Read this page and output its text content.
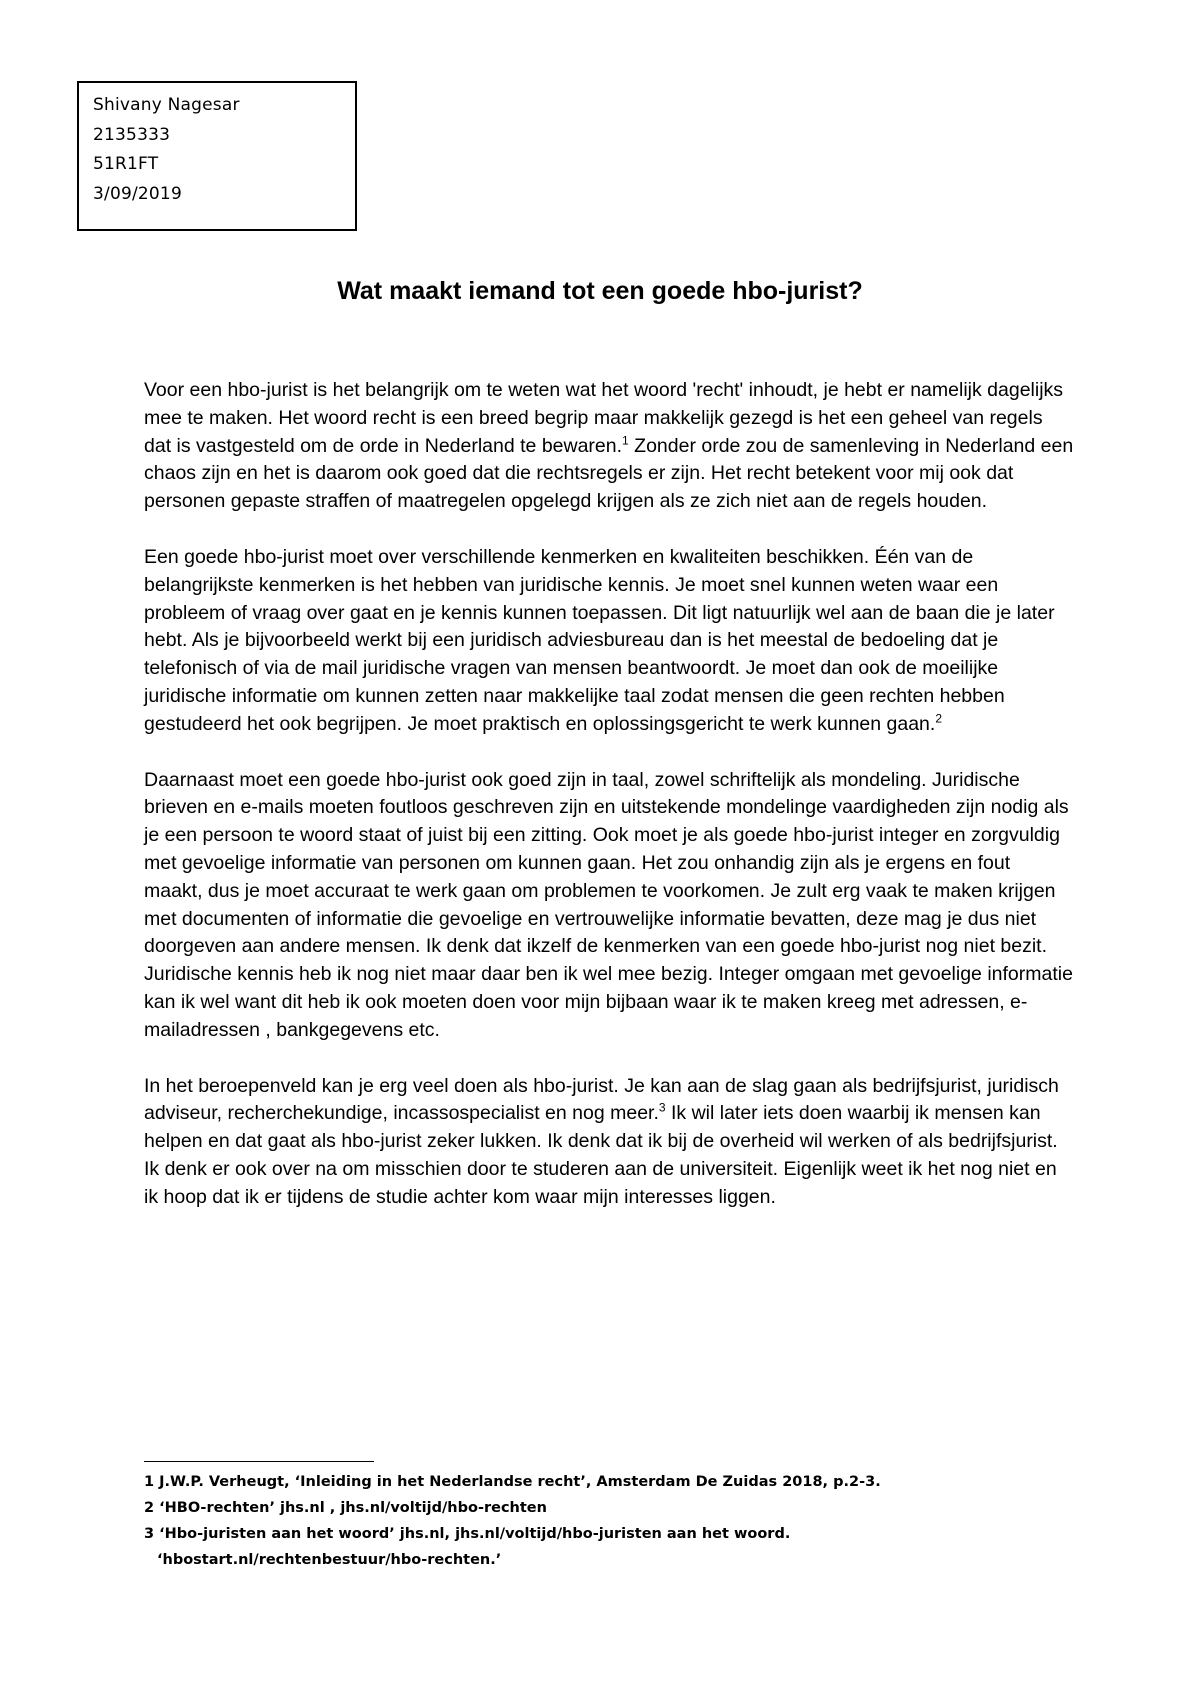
Shivany Nagesar
2135333
51R1FT
3/09/2019
Wat maakt iemand tot een goede hbo-jurist?

Voor een hbo-jurist is het belangrijk om te weten wat het woord 'recht' inhoudt, je hebt er namelijk dagelijks mee te maken. Het woord recht is een breed begrip maar makkelijk gezegd is het een geheel van regels dat is vastgesteld om de orde in Nederland te bewaren.$^1$ Zonder orde zou de samenleving in Nederland een chaos zijn en het is daarom ook goed dat die rechtsregels er zijn. Het recht betekent voor mij ook dat personen gepaste straffen of maatregelen opgelegd krijgen als ze zich niet aan de regels houden.

Een goede hbo-jurist moet over verschillende kenmerken en kwaliteiten beschikken. Één van de belangrijkste kenmerken is het hebben van juridische kennis. Je moet snel kunnen weten waar een probleem of vraag over gaat en je kennis kunnen toepassen. Dit ligt natuurlijk wel aan de baan die je later hebt. Als je bijvoorbeeld werkt bij een juridisch adviesbureau dan is het meestal de bedoeling dat je telefonisch of via de mail juridische vragen van mensen beantwoordt. Je moet dan ook de moeilijke juridische informatie om kunnen zetten naar makkelijke taal zodat mensen die geen rechten hebben gestudeerd het ook begrijpen. Je moet praktisch en oplossingsgericht te werk kunnen gaan.$^2$

Daarnaast moet een goede hbo-jurist ook goed zijn in taal, zowel schriftelijk als mondeling. Juridische brieven en e-mails moeten foutloos geschreven zijn en uitstekende mondelinge vaardigheden zijn nodig als je een persoon te woord staat of juist bij een zitting. Ook moet je als goede hbo-jurist integer en zorgvuldig met gevoelige informatie van personen om kunnen gaan. Het zou onhandig zijn als je ergens en fout maakt, dus je moet accuraat te werk gaan om problemen te voorkomen. Je zult erg vaak te maken krijgen met documenten of informatie die gevoelige en vertrouwelijke informatie bevatten, deze mag je dus niet doorgeven aan andere mensen. Ik denk dat ikzelf de kenmerken van een goede hbo-jurist nog niet bezit. Juridische kennis heb ik nog niet maar daar ben ik wel mee bezig. Integer omgaan met gevoelige informatie kan ik wel want dit heb ik ook moeten doen voor mijn bijbaan waar ik te maken kreeg met adressen, e-mailadressen , bankgegevens etc.

In het beroepenveld kan je erg veel doen als hbo-jurist. Je kan aan de slag gaan als bedrijfsjurist, juridisch adviseur, recherchekundige, incassospecialist en nog meer.$^3$ Ik wil later iets doen waarbij ik mensen kan helpen en dat gaat als hbo-jurist zeker lukken. Ik denk dat ik bij de overheid wil werken of als bedrijfsjurist. Ik denk er ook over na om misschien door te studeren aan de universiteit. Eigenlijk weet ik het nog niet en ik hoop dat ik er tijdens de studie achter kom waar mijn interesses liggen.

1 J.W.P. Verheugt, ‘Inleiding in het Nederlandse recht’, Amsterdam De Zuidas 2018, p.2-3.
2 ‘HBO-rechten’ jhs.nl , jhs.nl/voltijd/hbo-rechten
3 ‘Hbo-juristen aan het woord’ jhs.nl, jhs.nl/voltijd/hbo-juristen aan het woord.
‘hbostart.nl/rechtenbestuur/hbo-rechten.’
